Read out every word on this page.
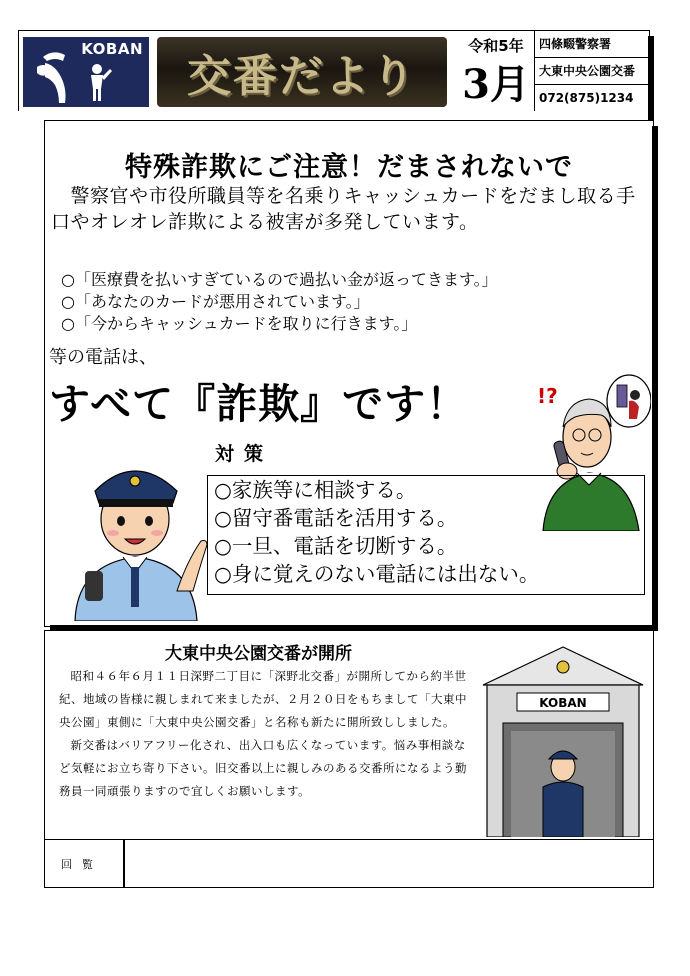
KOBAN
交番だより
令和5年
3月
四條畷警察署
大東中央公園交番
072(875)1234
特殊詐欺にご注意！だまされないで
　警察官や市役所職員等を名乗りキャッシュカードをだまし取る手口やオレオレ詐欺による被害が多発しています。
○「医療費を払いすぎているので過払い金が返ってきます。」
○「あなたのカードが悪用されています。」
○「今からキャッシュカードを取りに行きます。」
等の電話は、
すべて『詐欺』です！	!?
対策
○家族等に相談する。
○留守番電話を活用する。
○一旦、電話を切断する。
○身に覚えのない電話には出ない。
大東中央公園交番が開所

昭和４６年６月１１日深野二丁目に「深野北交番」が開所してから約半世紀、地域の皆様に親しまれて来ましたが、２月２０日をもちまして「大東中央公園」東側に「大東中央公園交番」と名称も新たに開所致ししました。

新交番はバリアフリー化され、出入口も広くなっています。悩み事相談など気軽にお立ち寄り下さい。旧交番以上に親しみのある交番所になるよう勤務員一同頑張りますので宜しくお願いします。

KOBAN
回覧
